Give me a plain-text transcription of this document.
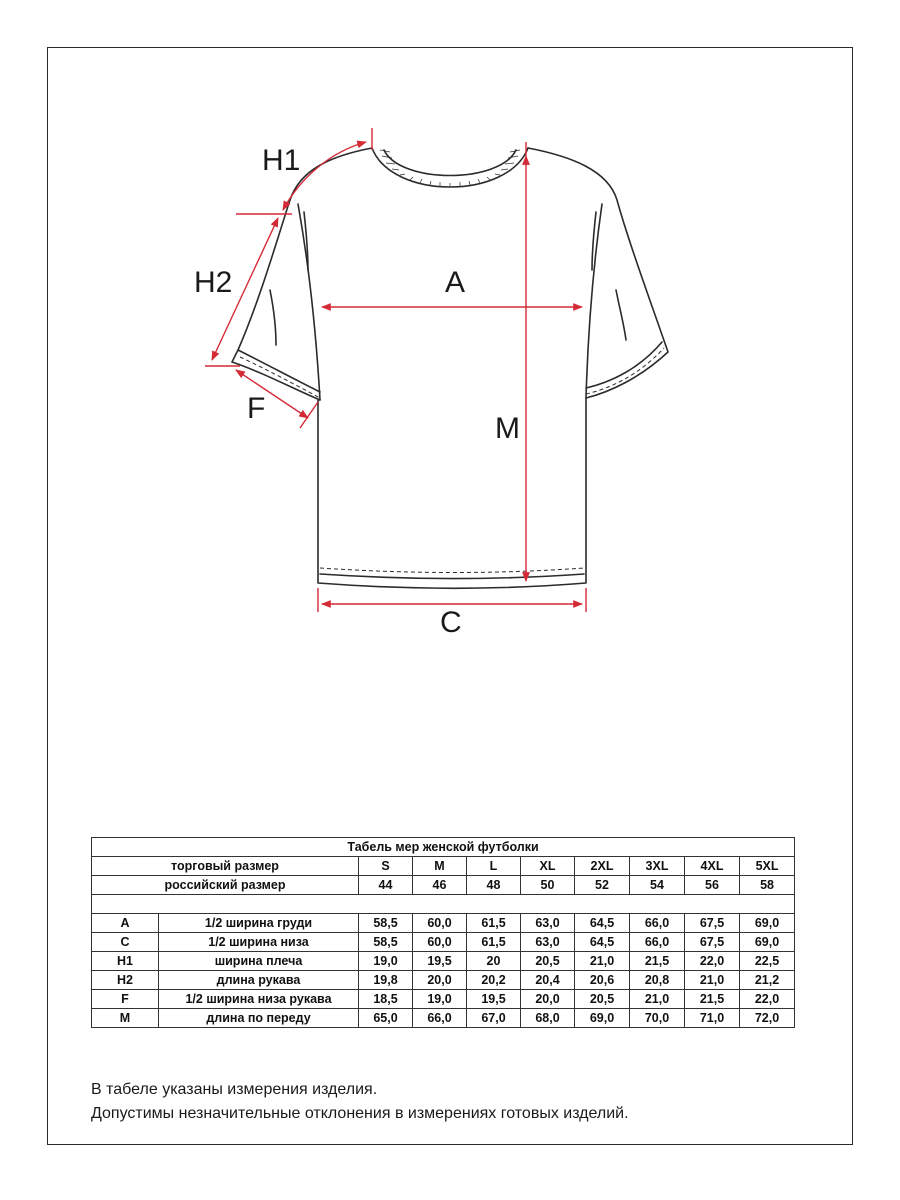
H1
H2
F
A
M
C
Табель мер женской футболки									
торговый размер		S	M	L	XL	2XL	3XL	4XL	5XL
российский размер		44	46	48	50	52	54	56	58

A	1/2 ширина груди	58,5	60,0	61,5	63,0	64,5	66,0	67,5	69,0
C	1/2 ширина низа	58,5	60,0	61,5	63,0	64,5	66,0	67,5	69,0
H1	ширина плеча	19,0	19,5	20	20,5	21,0	21,5	22,0	22,5
H2	длина рукава	19,8	20,0	20,2	20,4	20,6	20,8	21,0	21,2
F	1/2 ширина низа рукава	18,5	19,0	19,5	20,0	20,5	21,0	21,5	22,0
M	длина по переду	65,0	66,0	67,0	68,0	69,0	70,0	71,0	72,0
В табеле указаны измерения изделия.
Допустимы незначительные отклонения в измерениях готовых изделий.
